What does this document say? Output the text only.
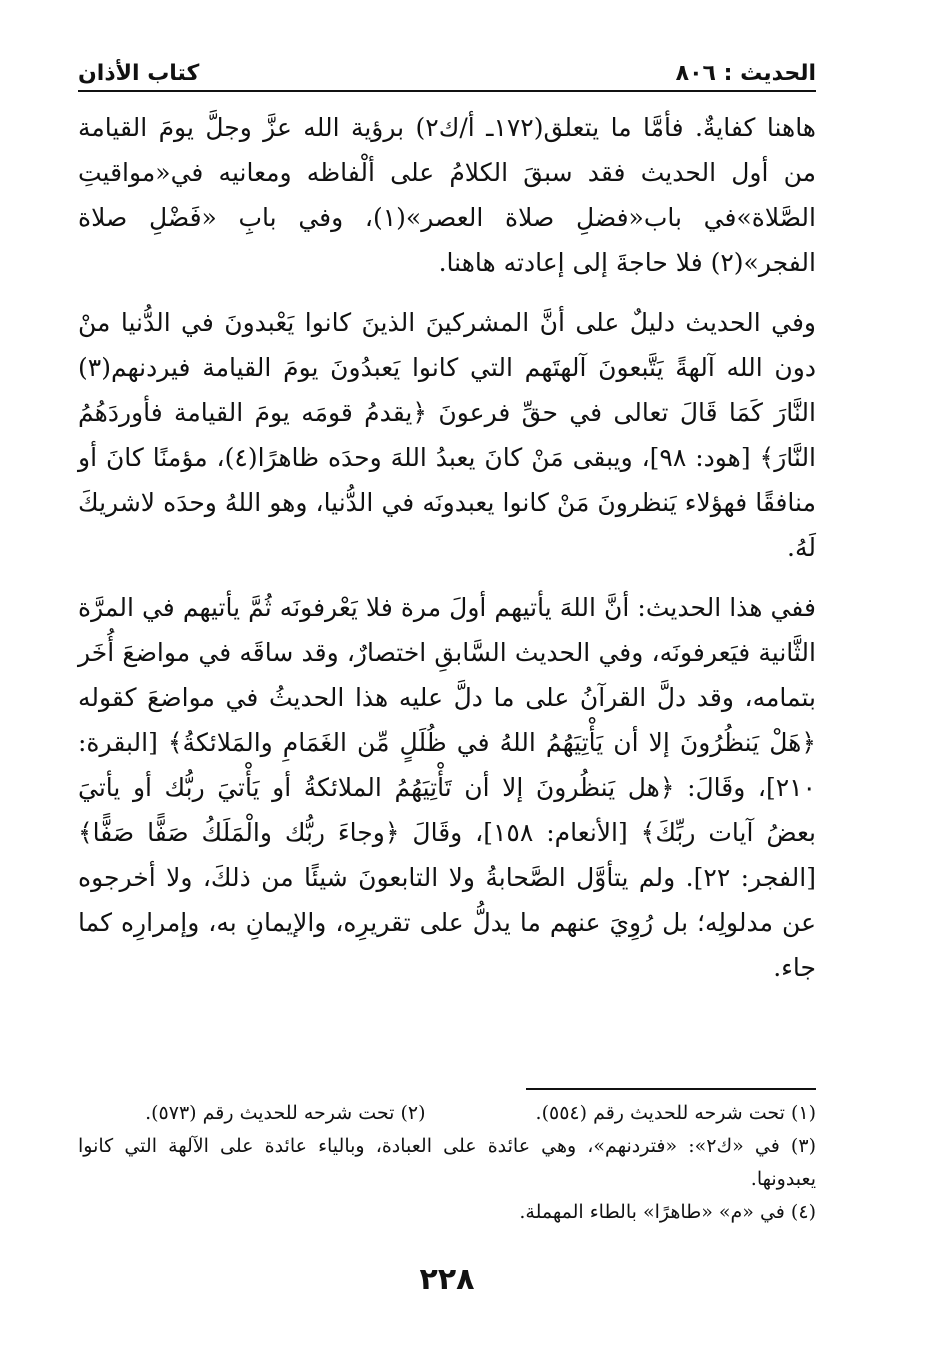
الحديث : ٨٠٦
كتاب الأذان

هاهنا كفايةٌ. فأمَّا ما يتعلق(١٧٢ـ أ/ك٢) برؤية الله عزَّ وجلَّ يومَ القيامة من أول الحديث فقد سبقَ الكلامُ على ألْفاظه ومعانيه في«مواقيتِ الصَّلاة»في باب«فضلِ صلاة العصر»(١)، وفي بابِ «فَضْلِ صلاة الفجر»(٢) فلا حاجةَ إلى إعادته هاهنا.

وفي الحديث دليلٌ على أنَّ المشركينَ الذينَ كانوا يَعْبدونَ في الدُّنيا منْ دون الله آلهةً يَتَّبعونَ آلهتَهم التي كانوا يَعبدُونَ يومَ القيامة فيردنهم(٣) النَّارَ كَمَا قَالَ تعالى في حقِّ فرعونَ ﴿يقدمُ قومَه يومَ القيامة فأوردَهُمُ النَّارَ﴾ [هود: ٩٨]، ويبقى مَنْ كانَ يعبدُ اللهَ وحدَه ظاهرًا(٤)، مؤمنًا كانَ أو منافقًا فهؤلاء يَنظرونَ مَنْ كانوا يعبدونَه في الدُّنيا، وهو اللهُ وحدَه لاشريكَ لَهُ.

ففي هذا الحديث: أنَّ اللهَ يأتيهم أولَ مرة فلا يَعْرفونَه ثُمَّ يأتيهم في المرَّة الثَّانية فيَعرفونَه، وفي الحديث السَّابقِ اختصارٌ، وقد ساقَه في مواضعَ أُخَر بتمامه، وقد دلَّ القرآنُ على ما دلَّ عليه هذا الحديثُ في مواضعَ كقوله ﴿هَلْ يَنظُرُونَ إلا أن يَأْتِيَهُمُ اللهُ في ظُلَلٍ مِّن الغَمَامِ والمَلائكةُ﴾ [البقرة: ٢١٠]، وقَالَ: ﴿هل يَنظُرونَ إلا أن تَأْتِيَهُمُ الملائكةُ أو يَأْتيَ ربُّك أو يأتيَ بعضُ آيات ربِّكَ﴾ [الأنعام: ١٥٨]، وقَالَ ﴿وجاءَ ربُّك والْمَلَكُ صَفًّا صَفًّا﴾ [الفجر: ٢٢]. ولم يتأوَّل الصَّحابةُ ولا التابعونَ شيئًا من ذلكَ، ولا أخرجوه عن مدلولِه؛ بل رُوِيَ عنهم ما يدلُّ على تقريرِه، والإيمانِ به، وإمرارِه كما جاء.

(١) تحت شرحه للحديث رقم (٥٥٤).

(٢) تحت شرحه للحديث رقم (٥٧٣).

(٣) في «ك٢»: «فتردنهم»، وهي عائدة على العبادة، وبالياء عائدة على الآلهة التي كانوا يعبدونها.

(٤) في «م» «طاهرًا» بالطاء المهملة.

٢٢٨
